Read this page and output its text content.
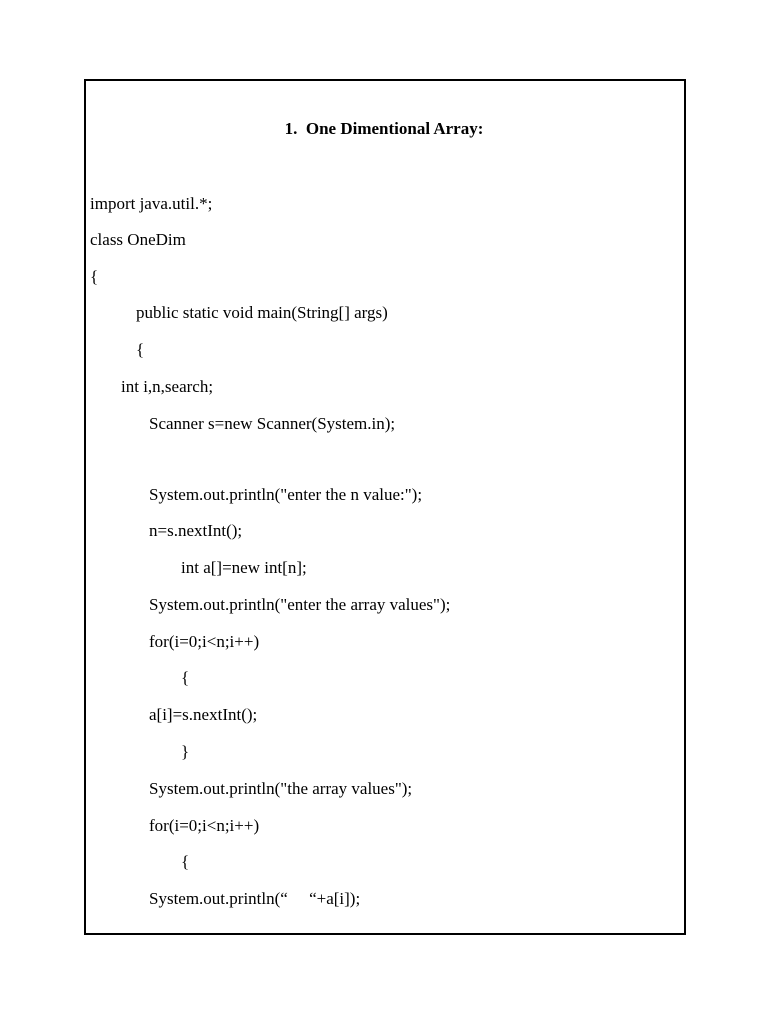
1.  One Dimentional Array:
import java.util.*;
class OneDim
{
public static void main(String[] args)
{
int i,n,search;
Scanner s=new Scanner(System.in);
System.out.println("enter the n value:");
n=s.nextInt();
int a[]=new int[n];
System.out.println("enter the array values");
for(i=0;i<n;i++)
{
a[i]=s.nextInt();
}
System.out.println("the array values");
for(i=0;i<n;i++)
{
System.out.println(“     “+a[i]);
